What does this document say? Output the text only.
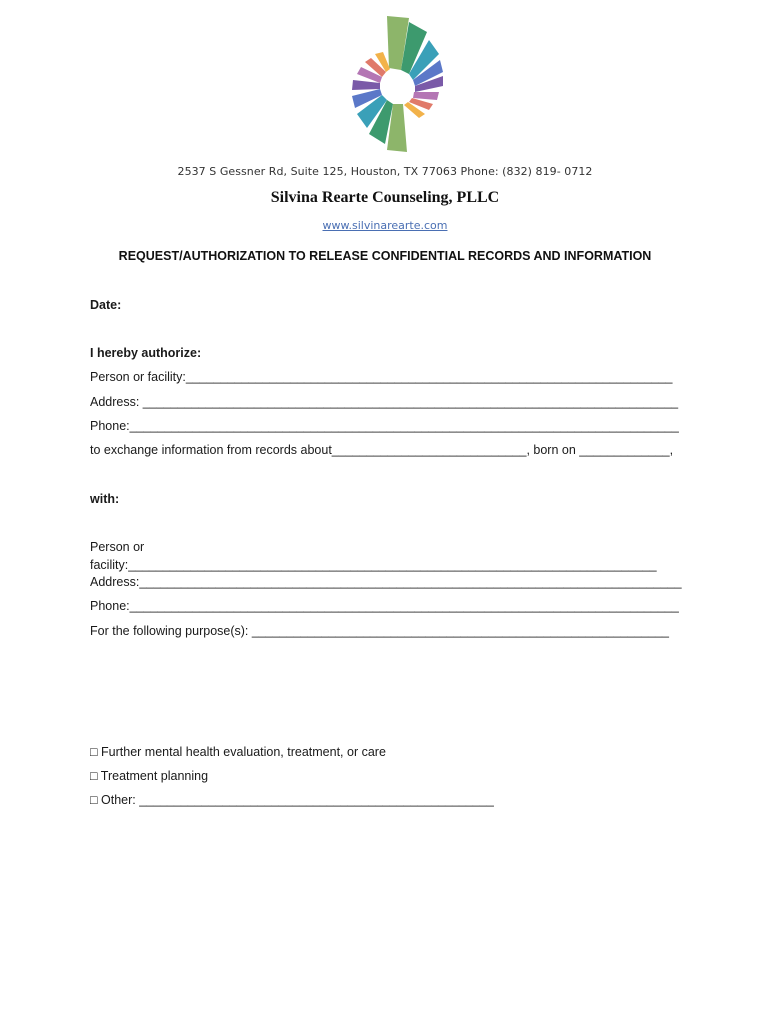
2537 S Gessner Rd, Suite 125, Houston, TX 77063 Phone: (832) 819- 0712
Silvina Rearte Counseling, PLLC
www.silvinarearte.com
REQUEST/AUTHORIZATION TO RELEASE CONFIDENTIAL RECORDS AND INFORMATION
Date:
I hereby authorize:
Person or facility:______________________________________________________________________
Address: _____________________________________________________________________________
Phone:_______________________________________________________________________________
to exchange information from records about____________________________, born on _____________,
with:
Person or
facility:____________________________________________________________________________
Address:______________________________________________________________________________
Phone:_______________________________________________________________________________
For the following purpose(s): ____________________________________________________________
□ Further mental health evaluation, treatment, or care
□ Treatment planning
□ Other: ___________________________________________________
